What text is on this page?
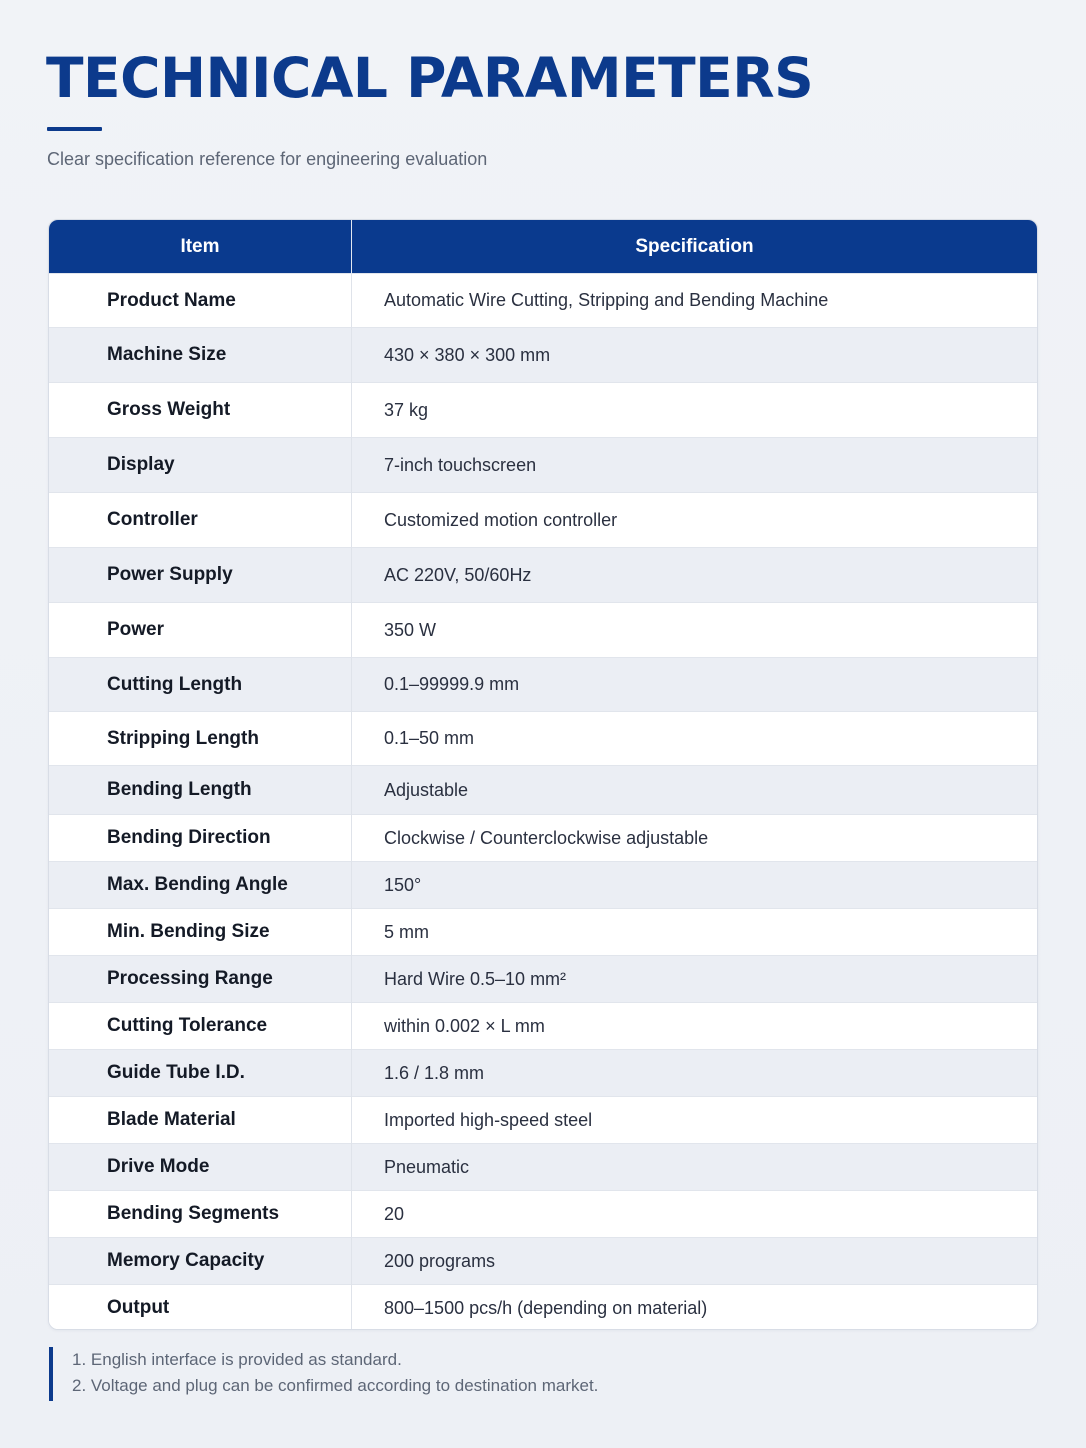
TECHNICAL PARAMETERS
Clear specification reference for engineering evaluation
Item	Specification
Product Name	Automatic Wire Cutting, Stripping and Bending Machine
Machine Size	430 × 380 × 300 mm
Gross Weight	37 kg
Display	7-inch touchscreen
Controller	Customized motion controller
Power Supply	AC 220V, 50/60Hz
Power	350 W
Cutting Length	0.1–99999.9 mm
Stripping Length	0.1–50 mm
Bending Length	Adjustable
Bending Direction	Clockwise / Counterclockwise adjustable
Max. Bending Angle	150°
Min. Bending Size	5 mm
Processing Range	Hard Wire 0.5–10 mm²
Cutting Tolerance	within 0.002 × L mm
Guide Tube I.D.	1.6 / 1.8 mm
Blade Material	Imported high-speed steel
Drive Mode	Pneumatic
Bending Segments	20
Memory Capacity	200 programs
Output	800–1500 pcs/h (depending on material)
1. English interface is provided as standard.
2. Voltage and plug can be confirmed according to destination market.
